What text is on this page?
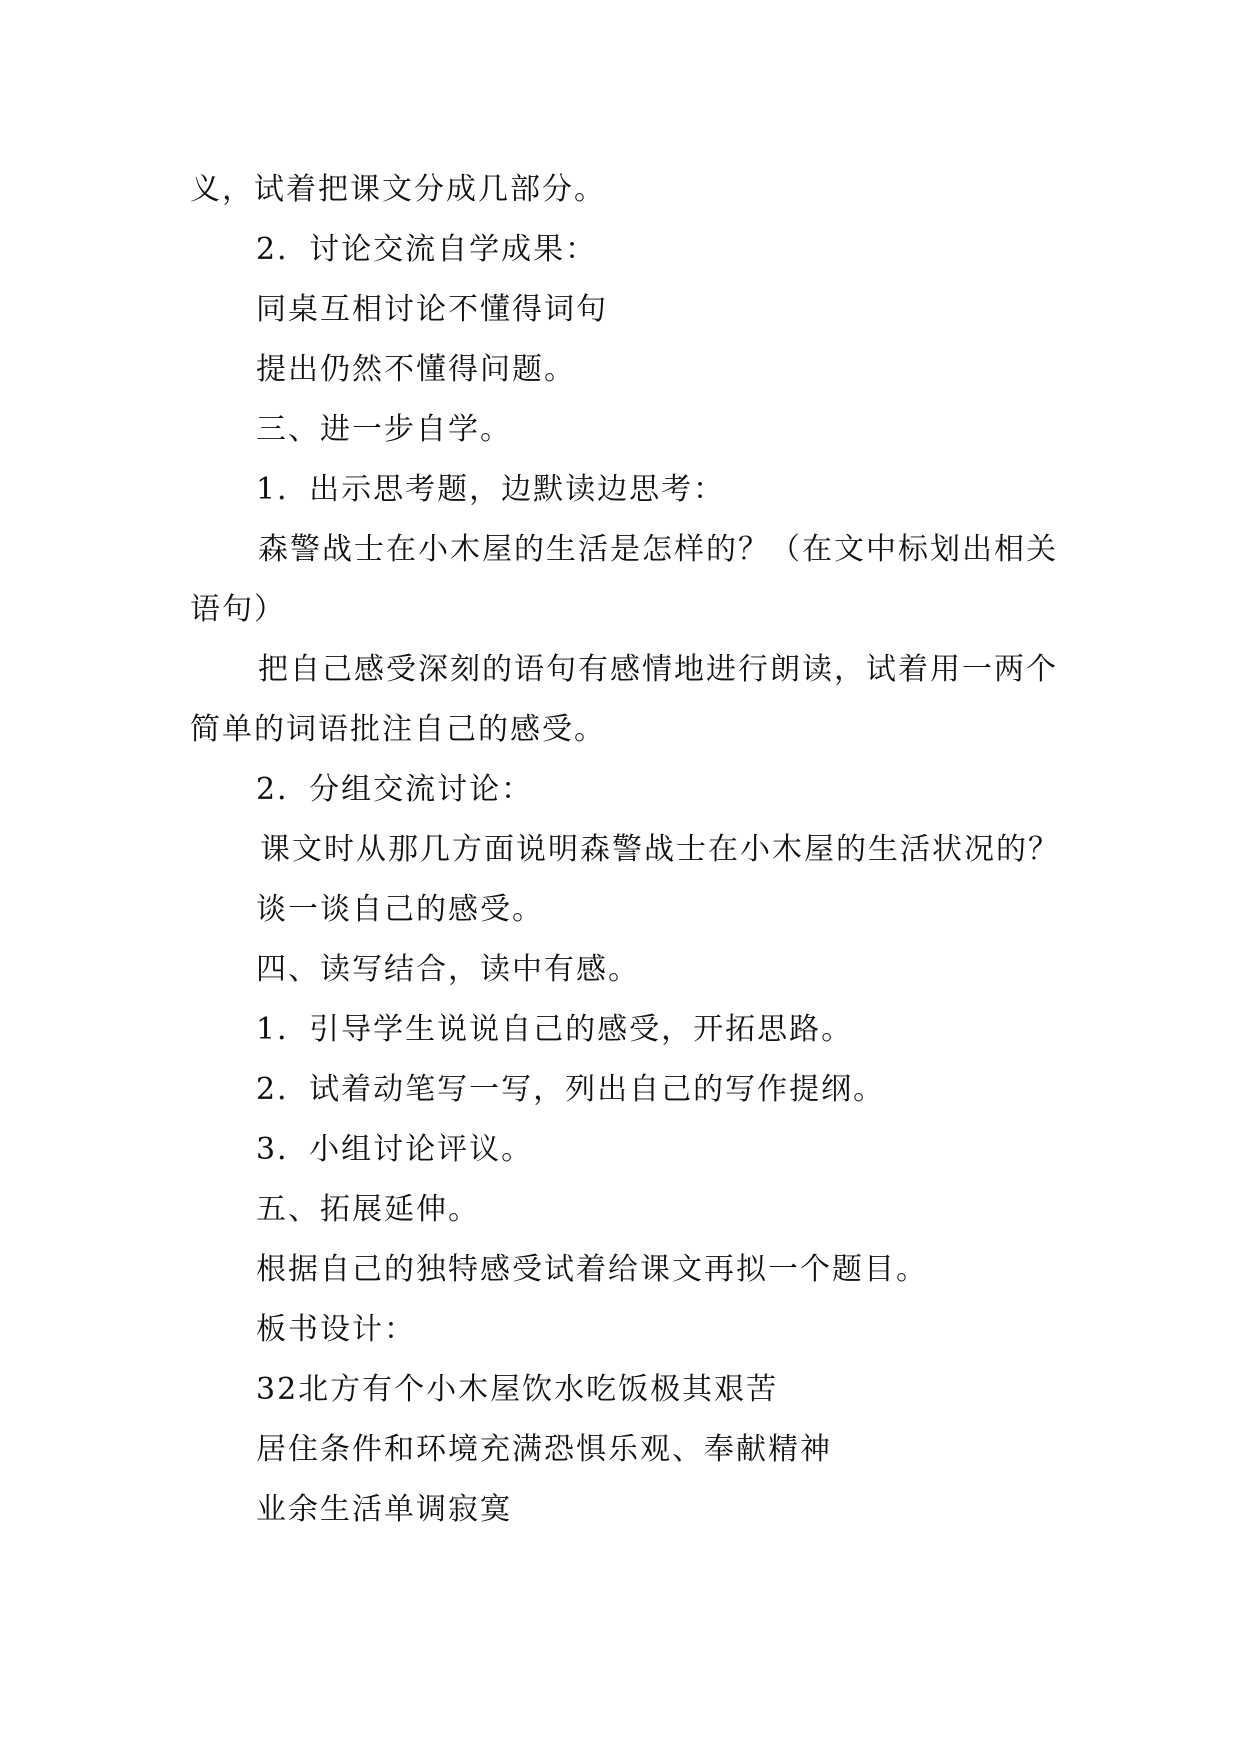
义，试着把课文分成几部分。

2．讨论交流自学成果：

同桌互相讨论不懂得词句

提出仍然不懂得问题。

三、进一步自学。

1．出示思考题，边默读边思考：

森警战士在小木屋的生活是怎样的？（在文中标划出相关语句）

把自己感受深刻的语句有感情地进行朗读，试着用一两个简单的词语批注自己的感受。

2．分组交流讨论：

课文时从那几方面说明森警战士在小木屋的生活状况的？

谈一谈自己的感受。

四、读写结合，读中有感。

1．引导学生说说自己的感受，开拓思路。

2．试着动笔写一写，列出自己的写作提纲。

3．小组讨论评议。

五、拓展延伸。

根据自己的独特感受试着给课文再拟一个题目。

板书设计：

32北方有个小木屋饮水吃饭极其艰苦

居住条件和环境充满恐惧乐观、奉献精神

业余生活单调寂寞
